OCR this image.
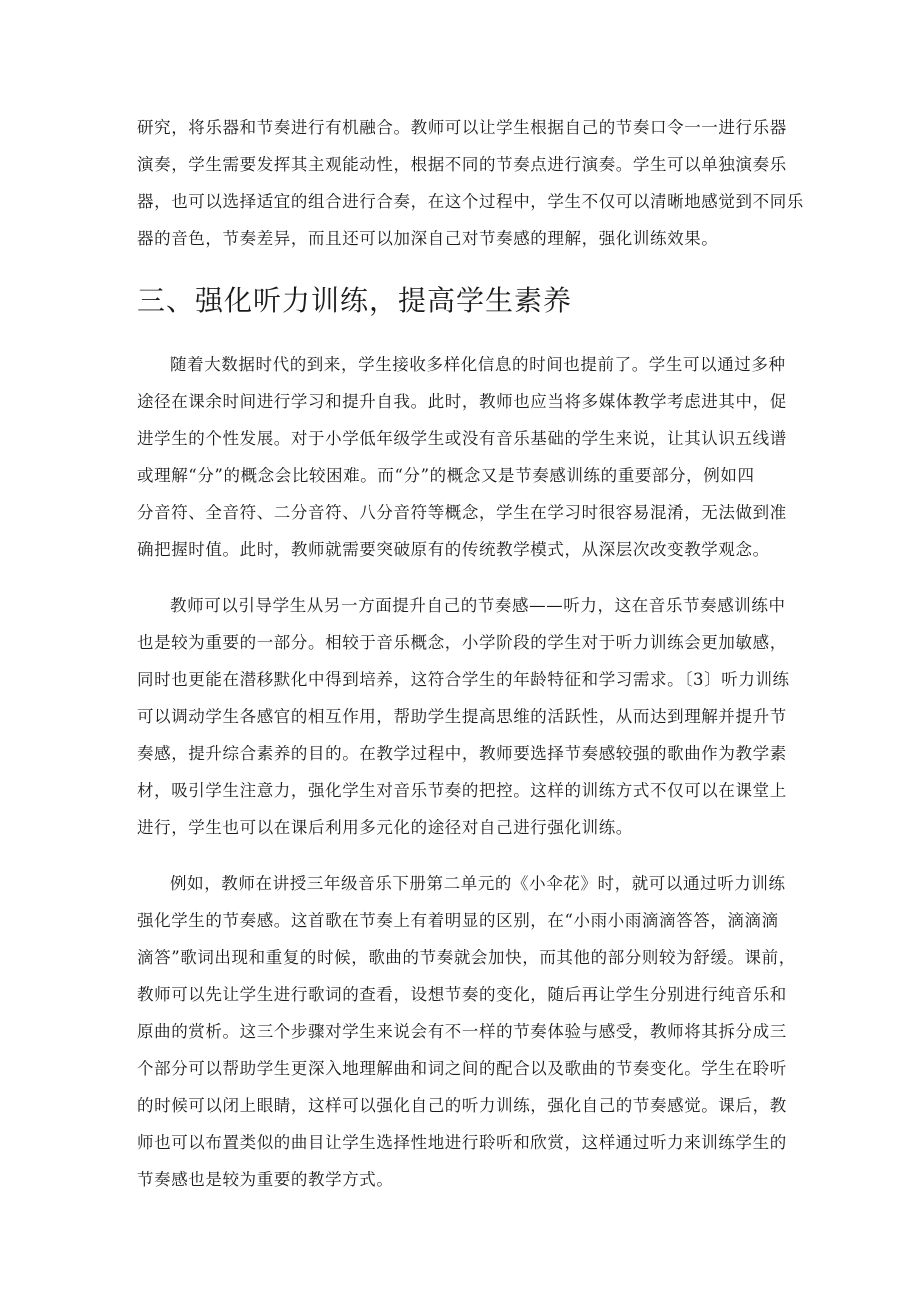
研究，将乐器和节奏进行有机融合。教师可以让学生根据自己的节奏口令一一进行乐器
演奏，学生需要发挥其主观能动性，根据不同的节奏点进行演奏。学生可以单独演奏乐
器，也可以选择适宜的组合进行合奏，在这个过程中，学生不仅可以清晰地感觉到不同乐
器的音色，节奏差异，而且还可以加深自己对节奏感的理解，强化训练效果。
三、强化听力训练，提高学生素养
随着大数据时代的到来，学生接收多样化信息的时间也提前了。学生可以通过多种
途径在课余时间进行学习和提升自我。此时，教师也应当将多媒体教学考虑进其中，促
进学生的个性发展。对于小学低年级学生或没有音乐基础的学生来说，让其认识五线谱
或理解“分”的概念会比较困难。而“分”的概念又是节奏感训练的重要部分，例如四
分音符、全音符、二分音符、八分音符等概念，学生在学习时很容易混淆，无法做到准
确把握时值。此时，教师就需要突破原有的传统教学模式，从深层次改变教学观念。
教师可以引导学生从另一方面提升自己的节奏感——听力，这在音乐节奏感训练中
也是较为重要的一部分。相较于音乐概念，小学阶段的学生对于听力训练会更加敏感，
同时也更能在潜移默化中得到培养，这符合学生的年龄特征和学习需求。〔3〕听力训练
可以调动学生各感官的相互作用，帮助学生提高思维的活跃性，从而达到理解并提升节
奏感，提升综合素养的目的。在教学过程中，教师要选择节奏感较强的歌曲作为教学素
材，吸引学生注意力，强化学生对音乐节奏的把控。这样的训练方式不仅可以在课堂上
进行，学生也可以在课后利用多元化的途径对自己进行强化训练。
例如，教师在讲授三年级音乐下册第二单元的《小伞花》时，就可以通过听力训练
强化学生的节奏感。这首歌在节奏上有着明显的区别，在“小雨小雨滴滴答答，滴滴滴
滴答”歌词出现和重复的时候，歌曲的节奏就会加快，而其他的部分则较为舒缓。课前，
教师可以先让学生进行歌词的查看，设想节奏的变化，随后再让学生分别进行纯音乐和
原曲的赏析。这三个步骤对学生来说会有不一样的节奏体验与感受，教师将其拆分成三
个部分可以帮助学生更深入地理解曲和词之间的配合以及歌曲的节奏变化。学生在聆听
的时候可以闭上眼睛，这样可以强化自己的听力训练，强化自己的节奏感觉。课后，教
师也可以布置类似的曲目让学生选择性地进行聆听和欣赏，这样通过听力来训练学生的
节奏感也是较为重要的教学方式。
